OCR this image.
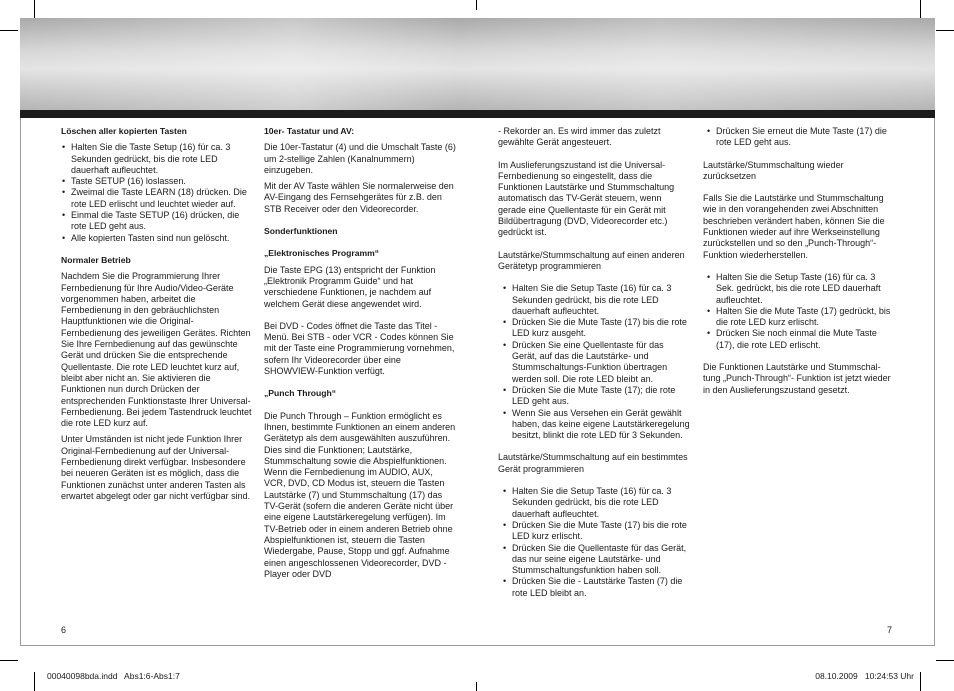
Löschen aller kopierten Tasten
• Halten Sie die Taste Setup (16) für ca. 3 Sekunden gedrückt, bis die rote LED dauerhaft aufleuchtet.
• Taste SETUP (16) loslassen.
• Zweimal die Taste LEARN (18) drücken. Die rote LED erlischt und leuchtet wieder auf.
• Einmal die Taste SETUP (16) drücken, die rote LED geht aus.
• Alle kopierten Tasten sind nun gelöscht.
Normaler Betrieb

Nachdem Sie die Programmierung Ihrer Fernbedienung für Ihre Audio/Video-Geräte vorgenommen haben, arbeitet die Fernbedienung in den gebräuchlichsten Hauptfunktionen wie die Original-Fernbedienung des jeweiligen Gerätes. Richten Sie Ihre Fernbedienung auf das gewünschte Gerät und drücken Sie die entsprechende Quellentaste. Die rote LED leuchtet kurz auf, bleibt aber nicht an. Sie aktivieren die Funktionen nun durch Drücken der entsprechenden Funktionstaste Ihrer Universal-Fernbedienung. Bei jedem Tastendruck leuchtet die rote LED kurz auf.

Unter Umständen ist nicht jede Funktion Ihrer Original-Fernbedienung auf der Universal-Fernbedienung direkt verfügbar. Insbesondere bei neueren Geräten ist es möglich, dass die Funktionen zunächst unter anderen Tasten als erwartet abgelegt oder gar nicht verfügbar sind.

10er- Tastatur und AV:

Die 10er-Tastatur (4) und die Umschalt Taste (6) um 2-stellige Zahlen (Kanalnummern) einzugeben.

Mit der AV Taste wählen Sie normalerweise den AV-Eingang des Fernsehgerätes für z.B. den STB Receiver oder den Videorecorder.

Sonderfunktionen
„Elektronisches Programm“

Die Taste EPG (13) entspricht der Funktion „Elektronik Programm Guide“ und hat verschiedene Funktionen, je nachdem auf welchem Gerät diese angewendet wird.

Bei DVD - Codes öffnet die Taste das Titel - Menü. Bei STB - oder VCR - Codes können Sie mit der Taste eine Programmierung vornehmen, sofern Ihr Videorecorder über eine SHOWVIEW-Funktion verfügt.

„Punch Through“

Die Punch Through – Funktion ermöglicht es Ihnen, bestimmte Funktionen an einem anderen Gerätetyp als dem ausgewählten auszuführen. Dies sind die Funktionen; Lautstärke, Stummschaltung sowie die Abspielfunktionen. Wenn die Fernbedienung im AUDIO, AUX, VCR, DVD, CD Modus ist, steuern die Tasten Lautstärke (7) und Stummschaltung (17) das TV-Gerät (sofern die anderen Geräte nicht über eine eigene Lautstärkeregelung verfügen). Im TV-Betrieb oder in einem anderen Betrieb ohne Abspielfunktionen ist, steuern die Tasten Wiedergabe, Pause, Stopp und ggf. Aufnahme einen angeschlossenen Videorecorder, DVD - Player oder DVD

- Rekorder an. Es wird immer das zuletzt gewählte Gerät angesteuert.

Im Auslieferungszustand ist die Universal-Fernbedienung so eingestellt, dass die Funktionen Lautstärke und Stummschaltung automatisch das TV-Gerät steuern, wenn gerade eine Quellentaste für ein Gerät mit Bildübertragung (DVD, Videorecorder etc.) gedrückt ist.

Lautstärke/Stummschaltung auf einen anderen Gerätetyp programmieren

• Halten Sie die Setup Taste (16) für ca. 3 Sekunden gedrückt, bis die rote LED dauerhaft aufleuchtet.
• Drücken Sie die Mute Taste (17) bis die rote LED kurz ausgeht.
• Drücken Sie eine Quellentaste für das Gerät, auf das die Lautstärke- und Stummschaltungs-Funktion übertragen werden soll. Die rote LED bleibt an.
• Drücken Sie die Mute Taste (17); die rote LED geht aus.
• Wenn Sie aus Versehen ein Gerät gewählt haben, das keine eigene Lautstärkeregelung besitzt, blinkt die rote LED für 3 Sekunden.

Lautstärke/Stummschaltung auf ein bestimmtes Gerät programmieren

• Halten Sie die Setup Taste (16) für ca. 3 Sekunden gedrückt, bis die rote LED dauerhaft aufleuchtet.
• Drücken Sie die Mute Taste (17) bis die rote LED kurz erlischt.
• Drücken Sie die Quellentaste für das Gerät, das nur seine eigene Lautstärke- und Stummschaltungsfunktion haben soll.
• Drücken Sie die - Lautstärke Tasten (7) die rote LED bleibt an.
• Drücken Sie erneut die Mute Taste (17) die rote LED geht aus.

Lautstärke/Stummschaltung wieder zurücksetzen

Falls Sie die Lautstärke und Stummschaltung wie in den vorangehenden zwei Abschnitten beschrieben verändert haben, können Sie die Funktionen wieder auf ihre Werkseinstellung zurückstellen und so den „Punch-Through“-Funktion wiederherstellen.

• Halten Sie die Setup Taste (16) für ca. 3 Sek. gedrückt, bis die rote LED dauerhaft aufleuchtet.
• Halten Sie die Mute Taste (17) gedrückt, bis die rote LED kurz erlischt.
• Drücken Sie noch einmal die Mute Taste (17), die rote LED erlischt.

Die Funktionen Lautstärke und Stummschal-tung „Punch-Through“- Funktion ist jetzt wieder in den Auslieferungszustand gesetzt.

6	7
00040098bda.indd   Abs1:6-Abs1:7	08.10.2009   10:24:53 Uhr
